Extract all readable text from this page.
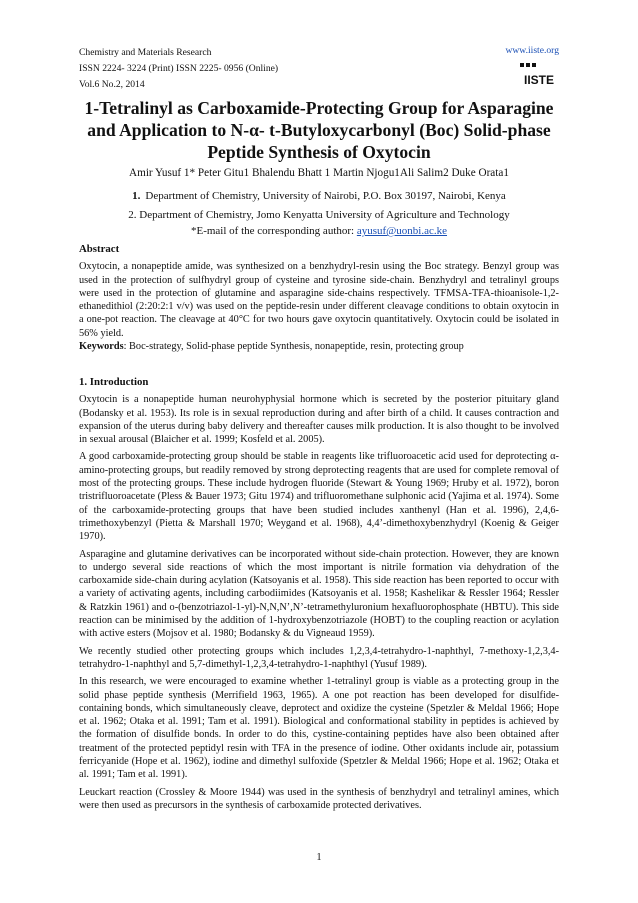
Chemistry and Materials Research
ISSN 2224- 3224 (Print) ISSN 2225- 0956 (Online)
Vol.6 No.2, 2014
www.iiste.org
IISTE
1-Tetralinyl as Carboxamide-Protecting Group for Asparagine and Application to N-α- t-Butyloxycarbonyl (Boc) Solid-phase Peptide Synthesis of Oxytocin
Amir Yusuf 1* Peter Gitu1 Bhalendu Bhatt 1 Martin Njogu1Ali Salim2 Duke Orata1
1. Department of Chemistry, University of Nairobi, P.O. Box 30197, Nairobi, Kenya
2. Department of Chemistry, Jomo Kenyatta University of Agriculture and Technology
*E-mail of the corresponding author: ayusuf@uonbi.ac.ke
Abstract

Oxytocin, a nonapeptide amide, was synthesized on a benzhydryl-resin using the Boc strategy. Benzyl group was used in the protection of sulfhydryl group of cysteine and tyrosine side-chain. Benzhydryl and tetralinyl groups were used in the protection of glutamine and asparagine side-chains respectively. TFMSA-TFA-thioanisole-1,2-ethanedithiol (2:20:2:1 v/v) was used on the peptide-resin under different cleavage conditions to obtain oxytocin in a one-pot reaction. The cleavage at 40°C for two hours gave oxytocin quantitatively. Oxytocin could be isolated in 56% yield.

Keywords: Boc-strategy, Solid-phase peptide Synthesis, nonapeptide, resin, protecting group

1. Introduction

Oxytocin is a nonapeptide human neurohyphysial hormone which is secreted by the posterior pituitary gland (Bodansky et al. 1953). Its role is in sexual reproduction during and after birth of a child. It causes contraction and expansion of the uterus during baby delivery and thereafter causes milk production. It is also thought to be involved in sexual arousal (Blaicher et al. 1999; Kosfeld et al. 2005).

A good carboxamide-protecting group should be stable in reagents like trifluoroacetic acid used for deprotecting α-amino-protecting groups, but readily removed by strong deprotecting reagents that are used for complete removal of most of the protecting groups. These include hydrogen fluoride (Stewart & Young 1969; Hruby et al. 1972), boron tristrifluoroacetate (Pless & Bauer 1973; Gitu 1974) and trifluoromethane sulphonic acid (Yajima et al. 1974). Some of the carboxamide-protecting groups that have been studied includes xanthenyl (Han et al. 1996), 2,4,6-trimethoxybenzyl (Pietta & Marshall 1970; Weygand et al. 1968), 4,4’-dimethoxybenzhydryl (Koenig & Geiger 1970).

Asparagine and glutamine derivatives can be incorporated without side-chain protection. However, they are known to undergo several side reactions of which the most important is nitrile formation via dehydration of the carboxamide side-chain during acylation (Katsoyanis et al. 1958). This side reaction has been reported to occur with a variety of activating agents, including carbodiimides (Katsoyanis et al. 1958; Kashelikar & Ressler 1964; Ressler & Ratzkin 1961) and o-(benzotriazol-1-yl)-N,N,N’,N’-tetramethyluronium hexafluorophosphate (HBTU). This side reaction can be minimised by the addition of 1-hydroxybenzotriazole (HOBT) to the coupling reaction or acylation with active esters (Mojsov et al. 1980; Bodansky & du Vigneaud 1959).

We recently studied other protecting groups which includes 1,2,3,4-tetrahydro-1-naphthyl, 7-methoxy-1,2,3,4-tetrahydro-1-naphthyl and 5,7-dimethyl-1,2,3,4-tetrahydro-1-naphthyl (Yusuf 1989).

In this research, we were encouraged to examine whether 1-tetralinyl group is viable as a protecting group in the solid phase peptide synthesis (Merrifield 1963, 1965). A one pot reaction has been developed for disulfide-containing bonds, which simultaneously cleave, deprotect and oxidize the cysteine (Spetzler & Meldal 1966; Hope et al. 1962; Otaka et al. 1991; Tam et al. 1991). Biological and conformational stability in peptides is achieved by the formation of disulfide bonds. In order to do this, cystine-containing peptides have also been obtained after treatment of the protected peptidyl resin with TFA in the presence of iodine. Other oxidants include air, potassium ferricyanide (Hope et al. 1962), iodine and dimethyl sulfoxide (Spetzler & Meldal 1966; Hope et al. 1962; Otaka et al. 1991; Tam et al. 1991).

Leuckart reaction (Crossley & Moore 1944) was used in the synthesis of benzhydryl and tetralinyl amines, which were then used as precursors in the synthesis of carboxamide protected derivatives.

1
